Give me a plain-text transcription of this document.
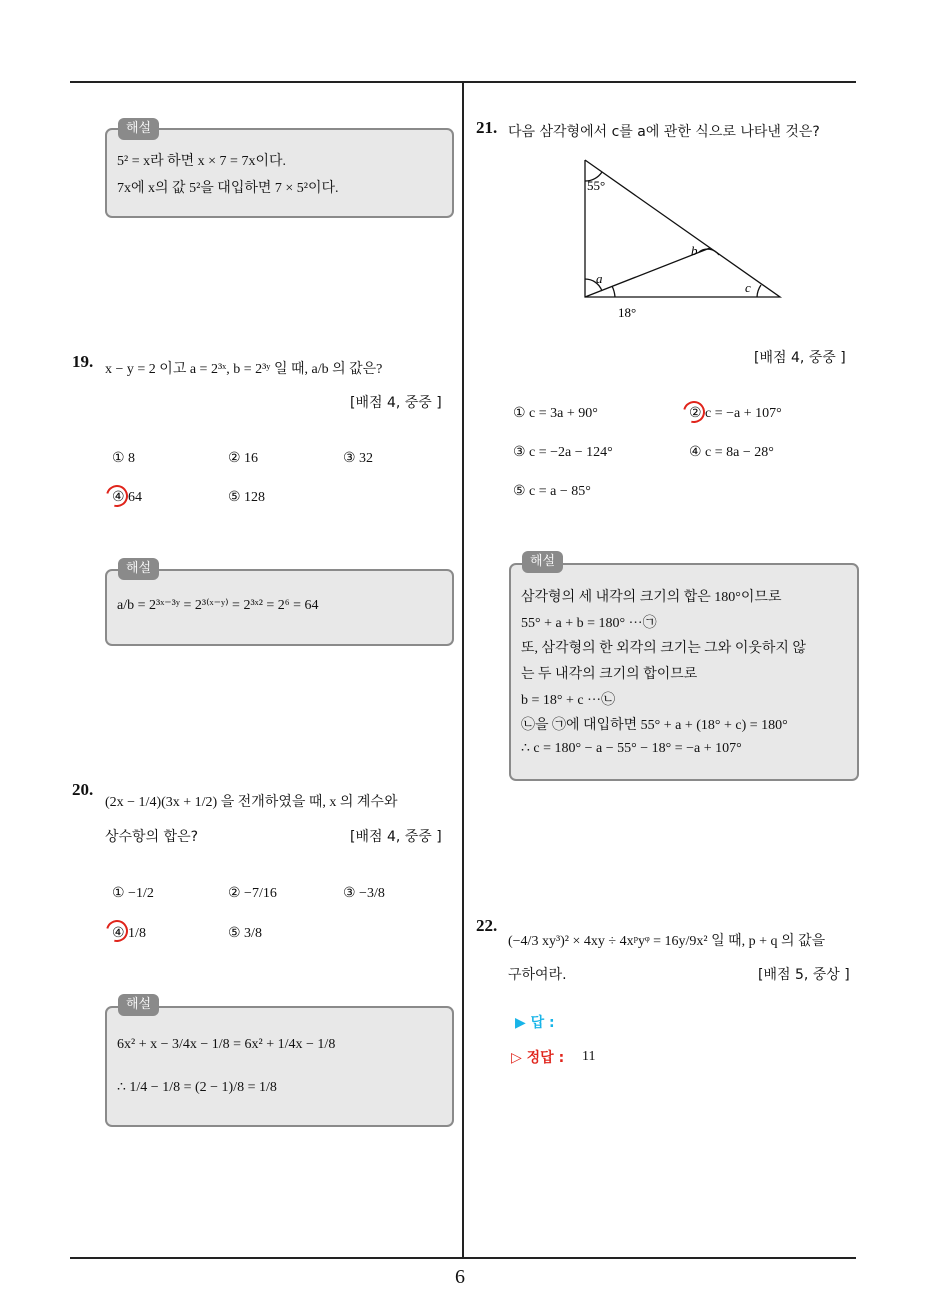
6
해설
5² = x라 하면 x × 7 = 7x이다.
7x에 x의 값 5²을 대입하면 7 × 5²이다.
19. x − y = 2 이고 a = 2³ˣ, b = 2³ʸ 일 때, a/b 의 값은?
[배점 4, 중중 ]
① 8	② 16	③ 32
④ 64	⑤ 128
해설
a/b = 2³ˣ⁻³ʸ = 2³⁽ˣ⁻ʸ⁾ = 2³ˣ² = 2⁶ = 64
20.
(2x − 1/4)(3x + 1/2) 을 전개하였을 때, x 의 계수와
상수항의 합은?	[배점 4, 중중 ]
① −1/2	② −7/16	③ −3/8
④ 1/8	⑤ 3/8
해설
6x² + x − 3/4x − 1/8 = 6x² + 1/4x − 1/8
∴ 1/4 − 1/8 = (2 − 1)/8 = 1/8
21. 다음 삼각형에서 c를 a에 관한 식으로 나타낸 것은?
55°
a
b
c
18°
[배점 4, 중중 ]
① c = 3a + 90°	② c = −a + 107°
③ c = −2a − 124°	④ c = 8a − 28°
⑤ c = a − 85°
해설
삼각형의 세 내각의 크기의 합은 180°이므로
55° + a + b = 180° ···㉠
또, 삼각형의 한 외각의 크기는 그와 이웃하지 않
는 두 내각의 크기의 합이므로
b = 18° + c ···㉡
㉡을 ㉠에 대입하면 55° + a + (18° + c) = 180°
∴ c = 180° − a − 55° − 18° = −a + 107°
22.
(−4/3 xy³)² × 4xy ÷ 4xᵖyᵠ = 16y/9x² 일 때, p + q 의 값을
구하여라.	[배점 5, 중상 ]
▶ 답 :
▷ 정답 : 11
